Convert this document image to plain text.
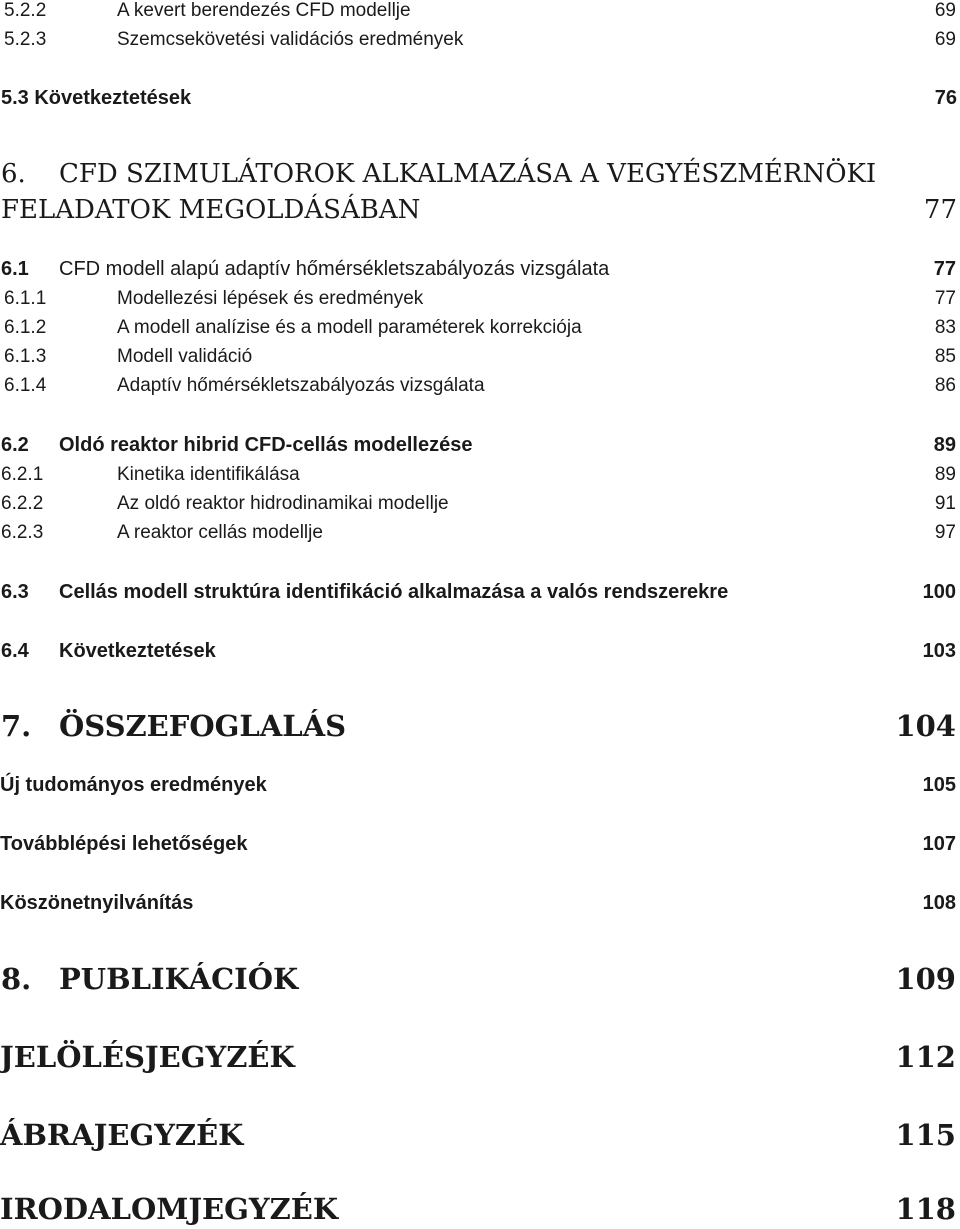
5.2.2	A kevert berendezés CFD modellje	69
5.2.3	Szemcsekövetési validációs eredmények	69
5.3 Következtetések	76
6.	CFD SZIMULÁTOROK ALKALMAZÁSA A VEGYÉSZMÉRNÖKI
FELADATOK MEGOLDÁSÁBAN	77
6.1	CFD modell alapú adaptív hőmérsékletszabályozás vizsgálata	77
6.1.1	Modellezési lépések és eredmények	77
6.1.2	A modell analízise és a modell paraméterek korrekciója	83
6.1.3	Modell validáció	85
6.1.4	Adaptív hőmérsékletszabályozás vizsgálata	86
6.2	Oldó reaktor hibrid CFD-cellás modellezése	89
6.2.1	Kinetika identifikálása	89
6.2.2	Az oldó reaktor hidrodinamikai modellje	91
6.2.3	A reaktor cellás modellje	97
6.3	Cellás modell struktúra identifikáció alkalmazása a valós rendszerekre	100
6.4	Következtetések	103
7. ÖSSZEFOGLALÁS	104
Új tudományos eredmények	105
Továbblépési lehetőségek	107
Köszönetnyilvánítás	108
8. PUBLIKÁCIÓK	109
JELÖLÉSJEGYZÉK	112
ÁBRAJEGYZÉK	115
IRODALOMJEGYZÉK	118
